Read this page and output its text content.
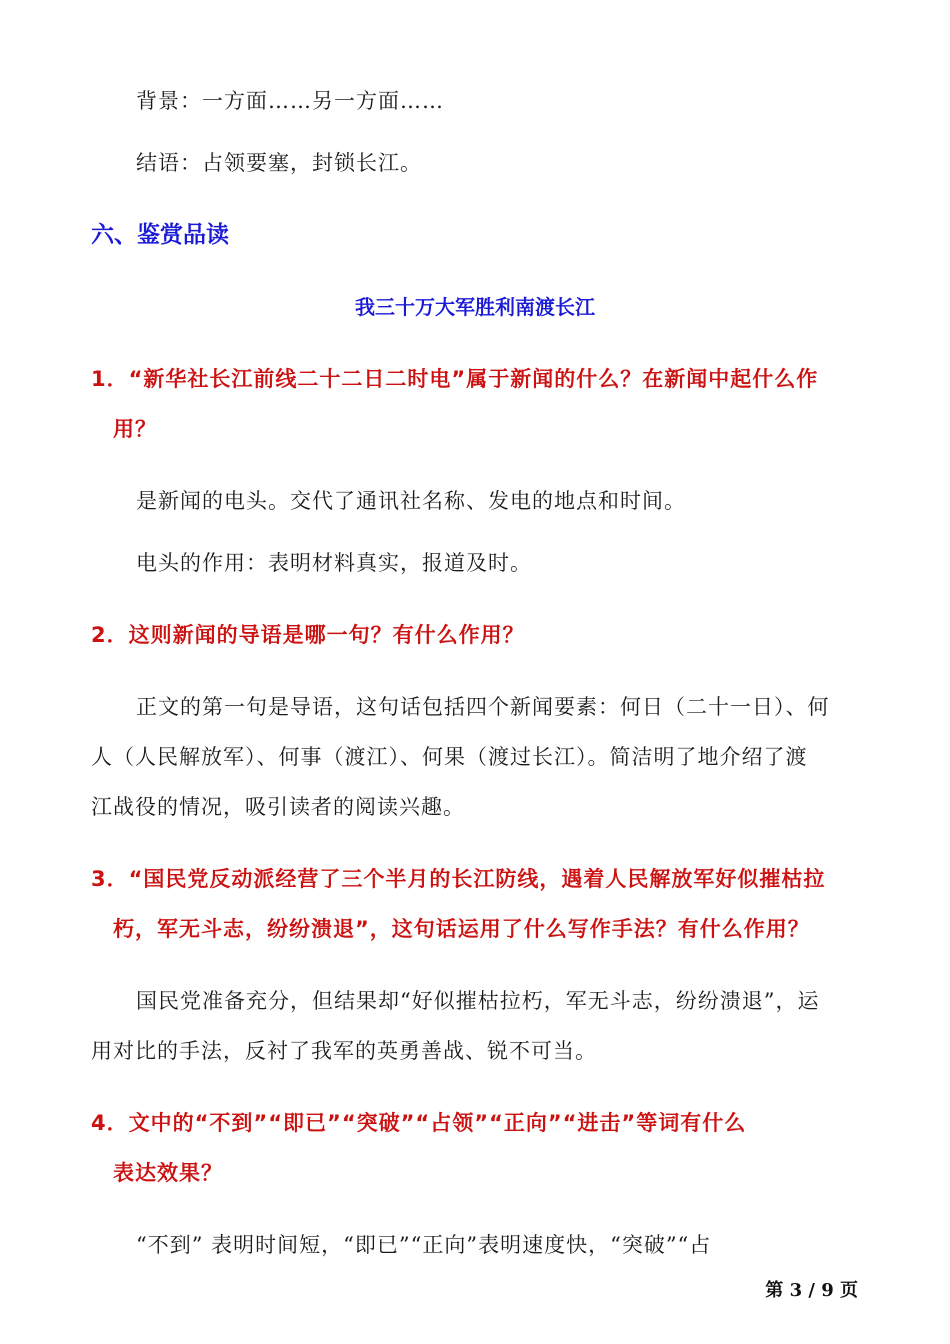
背景：一方面……另一方面……
结语：占领要塞，封锁长江。
六、鉴赏品读
我三十万大军胜利南渡长江
1．“新华社长江前线二十二日二时电”属于新闻的什么？在新闻中起什么作
用？
是新闻的电头。交代了通讯社名称、发电的地点和时间。
电头的作用：表明材料真实，报道及时。
2．这则新闻的导语是哪一句？有什么作用？
正文的第一句是导语，这句话包括四个新闻要素：何日（二十一日）、何
人（人民解放军）、何事（渡江）、何果（渡过长江）。简洁明了地介绍了渡
江战役的情况，吸引读者的阅读兴趣。
3．“国民党反动派经营了三个半月的长江防线，遇着人民解放军好似摧枯拉
朽，军无斗志，纷纷溃退”，这句话运用了什么写作手法？有什么作用？
国民党准备充分，但结果却“好似摧枯拉朽，军无斗志，纷纷溃退”，运
用对比的手法，反衬了我军的英勇善战、锐不可当。
4．文中的“不到”“即已”“突破”“占领”“正向”“进击”等词有什么
表达效果？
“不到” 表明时间短，“即已”“正向”表明速度快，“突破”“占
第 3 / 9 页
